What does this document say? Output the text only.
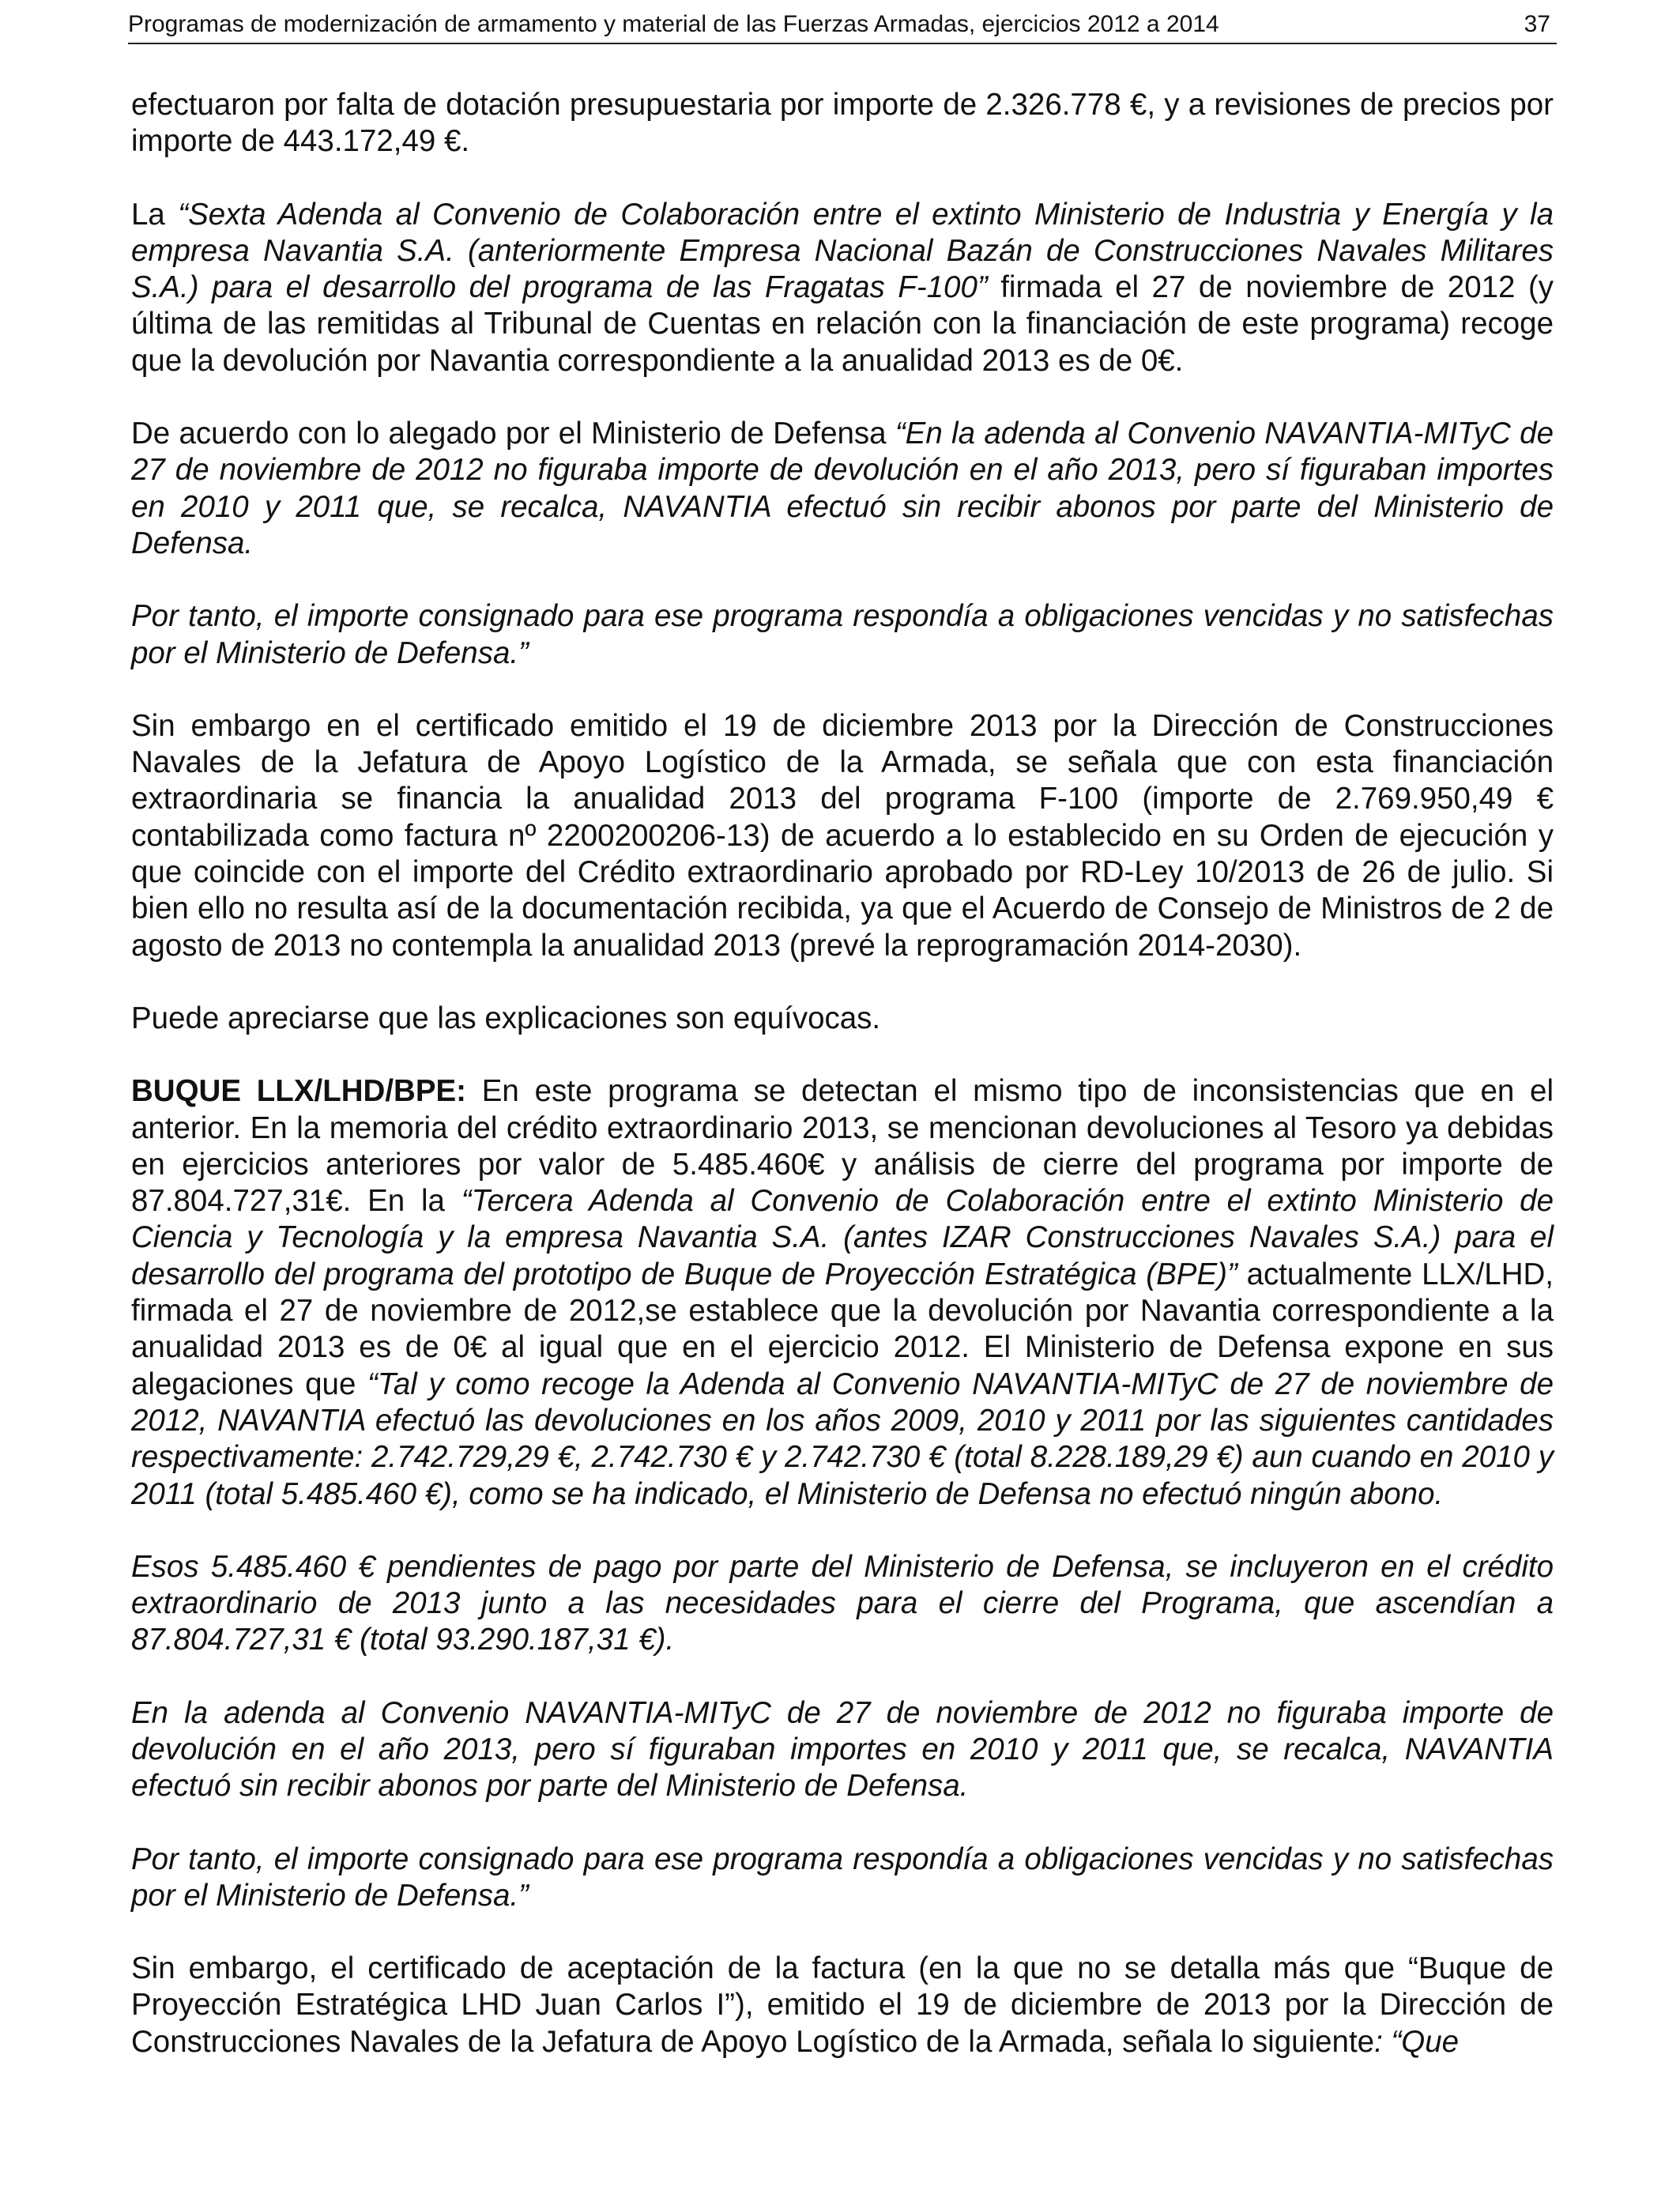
Programas de modernización de armamento y material de las Fuerzas Armadas, ejercicios 2012 a 2014	37

efectuaron por falta de dotación presupuestaria por importe de 2.326.778 €, y a revisiones de precios por importe de 443.172,49 €.

La “Sexta Adenda al Convenio de Colaboración entre el extinto Ministerio de Industria y Energía y la empresa Navantia S.A. (anteriormente Empresa Nacional Bazán de Construcciones Navales Militares S.A.) para el desarrollo del programa de las Fragatas F-100” firmada el 27 de noviembre de 2012 (y última de las remitidas al Tribunal de Cuentas en relación con la financiación de este programa) recoge que la devolución por Navantia correspondiente a la anualidad 2013 es de 0€.

De acuerdo con lo alegado por el Ministerio de Defensa “En la adenda al Convenio NAVANTIA-MITyC de 27 de noviembre de 2012 no figuraba importe de devolución en el año 2013, pero sí figuraban importes en 2010 y 2011 que, se recalca, NAVANTIA efectuó sin recibir abonos por parte del Ministerio de Defensa.

Por tanto, el importe consignado para ese programa respondía a obligaciones vencidas y no satisfechas por el Ministerio de Defensa.”

Sin embargo en el certificado emitido el 19 de diciembre 2013 por la Dirección de Construcciones Navales de la Jefatura de Apoyo Logístico de la Armada, se señala que con esta financiación extraordinaria se financia la anualidad 2013 del programa F-100 (importe de 2.769.950,49 € contabilizada como factura nº 2200200206-13) de acuerdo a lo establecido en su Orden de ejecución y que coincide con el importe del Crédito extraordinario aprobado por RD-Ley 10/2013 de 26 de julio. Si bien ello no resulta así de la documentación recibida, ya que el Acuerdo de Consejo de Ministros de 2 de agosto de 2013 no contempla la anualidad 2013 (prevé la reprogramación 2014-2030).

Puede apreciarse que las explicaciones son equívocas.

BUQUE LLX/LHD/BPE: En este programa se detectan el mismo tipo de inconsistencias que en el anterior. En la memoria del crédito extraordinario 2013, se mencionan devoluciones al Tesoro ya debidas en ejercicios anteriores por valor de 5.485.460€ y análisis de cierre del programa por importe de 87.804.727,31€. En la “Tercera Adenda al Convenio de Colaboración entre el extinto Ministerio de Ciencia y Tecnología y la empresa Navantia S.A. (antes IZAR Construcciones Navales S.A.) para el desarrollo del programa del prototipo de Buque de Proyección Estratégica (BPE)” actualmente LLX/LHD, firmada el 27 de noviembre de 2012,se establece que la devolución por Navantia correspondiente a la anualidad 2013 es de 0€ al igual que en el ejercicio 2012. El Ministerio de Defensa expone en sus alegaciones que “Tal y como recoge la Adenda al Convenio NAVANTIA-MITyC de 27 de noviembre de 2012, NAVANTIA efectuó las devoluciones en los años 2009, 2010 y 2011 por las siguientes cantidades respectivamente: 2.742.729,29 €, 2.742.730 € y 2.742.730 € (total 8.228.189,29 €) aun cuando en 2010 y 2011 (total 5.485.460 €), como se ha indicado, el Ministerio de Defensa no efectuó ningún abono.

Esos 5.485.460 € pendientes de pago por parte del Ministerio de Defensa, se incluyeron en el crédito extraordinario de 2013 junto a las necesidades para el cierre del Programa, que ascendían a 87.804.727,31 € (total 93.290.187,31 €).

En la adenda al Convenio NAVANTIA-MITyC de 27 de noviembre de 2012 no figuraba importe de devolución en el año 2013, pero sí figuraban importes en 2010 y 2011 que, se recalca, NAVANTIA efectuó sin recibir abonos por parte del Ministerio de Defensa.

Por tanto, el importe consignado para ese programa respondía a obligaciones vencidas y no satisfechas por el Ministerio de Defensa.”

Sin embargo, el certificado de aceptación de la factura (en la que no se detalla más que “Buque de Proyección Estratégica LHD Juan Carlos I”), emitido el 19 de diciembre de 2013 por la Dirección de Construcciones Navales de la Jefatura de Apoyo Logístico de la Armada, señala lo siguiente: “Que
